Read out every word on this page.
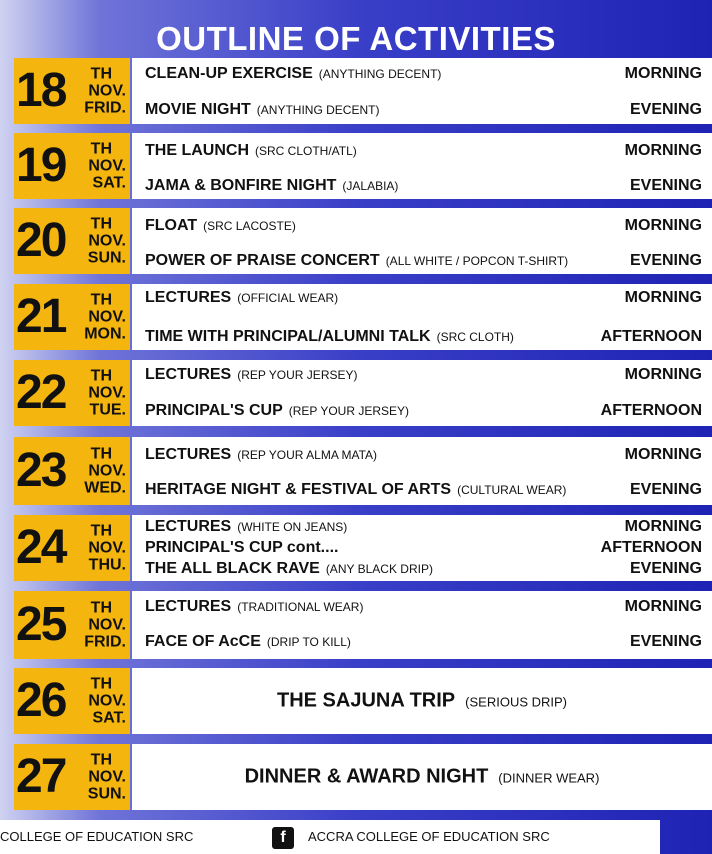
OUTLINE OF ACTIVITIES
18	TH
NOV.
FRID.
CLEAN-UP EXERCISE (ANYTHING DECENT)	MORNING
MOVIE NIGHT (ANYTHING DECENT)	EVENING
19 TH
NOV.
SAT.
THE LAUNCH (SRC CLOTH/ATL)	MORNING
JAMA & BONFIRE NIGHT (JALABIA)	EVENING
20 TH
NOV.
SUN.
FLOAT (SRC LACOSTE)	MORNING
POWER OF PRAISE CONCERT (ALL WHITE / POPCON T-SHIRT)	EVENING
21	TH
NOV.
MON.
LECTURES (OFFICIAL WEAR)	MORNING
TIME WITH PRINCIPAL/ALUMNI TALK (SRC CLOTH)	AFTERNOON
22 TH
NOV.
TUE.
LECTURES (REP YOUR JERSEY)	MORNING
PRINCIPAL'S CUP (REP YOUR JERSEY)	AFTERNOON
23	TH
NOV.
WED.
LECTURES (REP YOUR ALMA MATA)	MORNING
HERITAGE NIGHT & FESTIVAL OF ARTS (CULTURAL WEAR)	EVENING
24 TH
NOV.
THU.
LECTURES (WHITE ON JEANS)	MORNING
PRINCIPAL'S CUP cont....	AFTERNOON
THE ALL BLACK RAVE (ANY BLACK DRIP)	EVENING
25	TH
NOV.
FRID.
LECTURES (TRADITIONAL WEAR)	MORNING
FACE OF AcCE (DRIP TO KILL)	EVENING
26 TH
NOV.
SAT.
THE SAJUNA TRIP (SERIOUS DRIP)
27 TH
NOV.
SUN.
DINNER & AWARD NIGHT (DINNER WEAR)
COLLEGE OF EDUCATION SRC	f	ACCRA COLLEGE OF EDUCATION SRC
